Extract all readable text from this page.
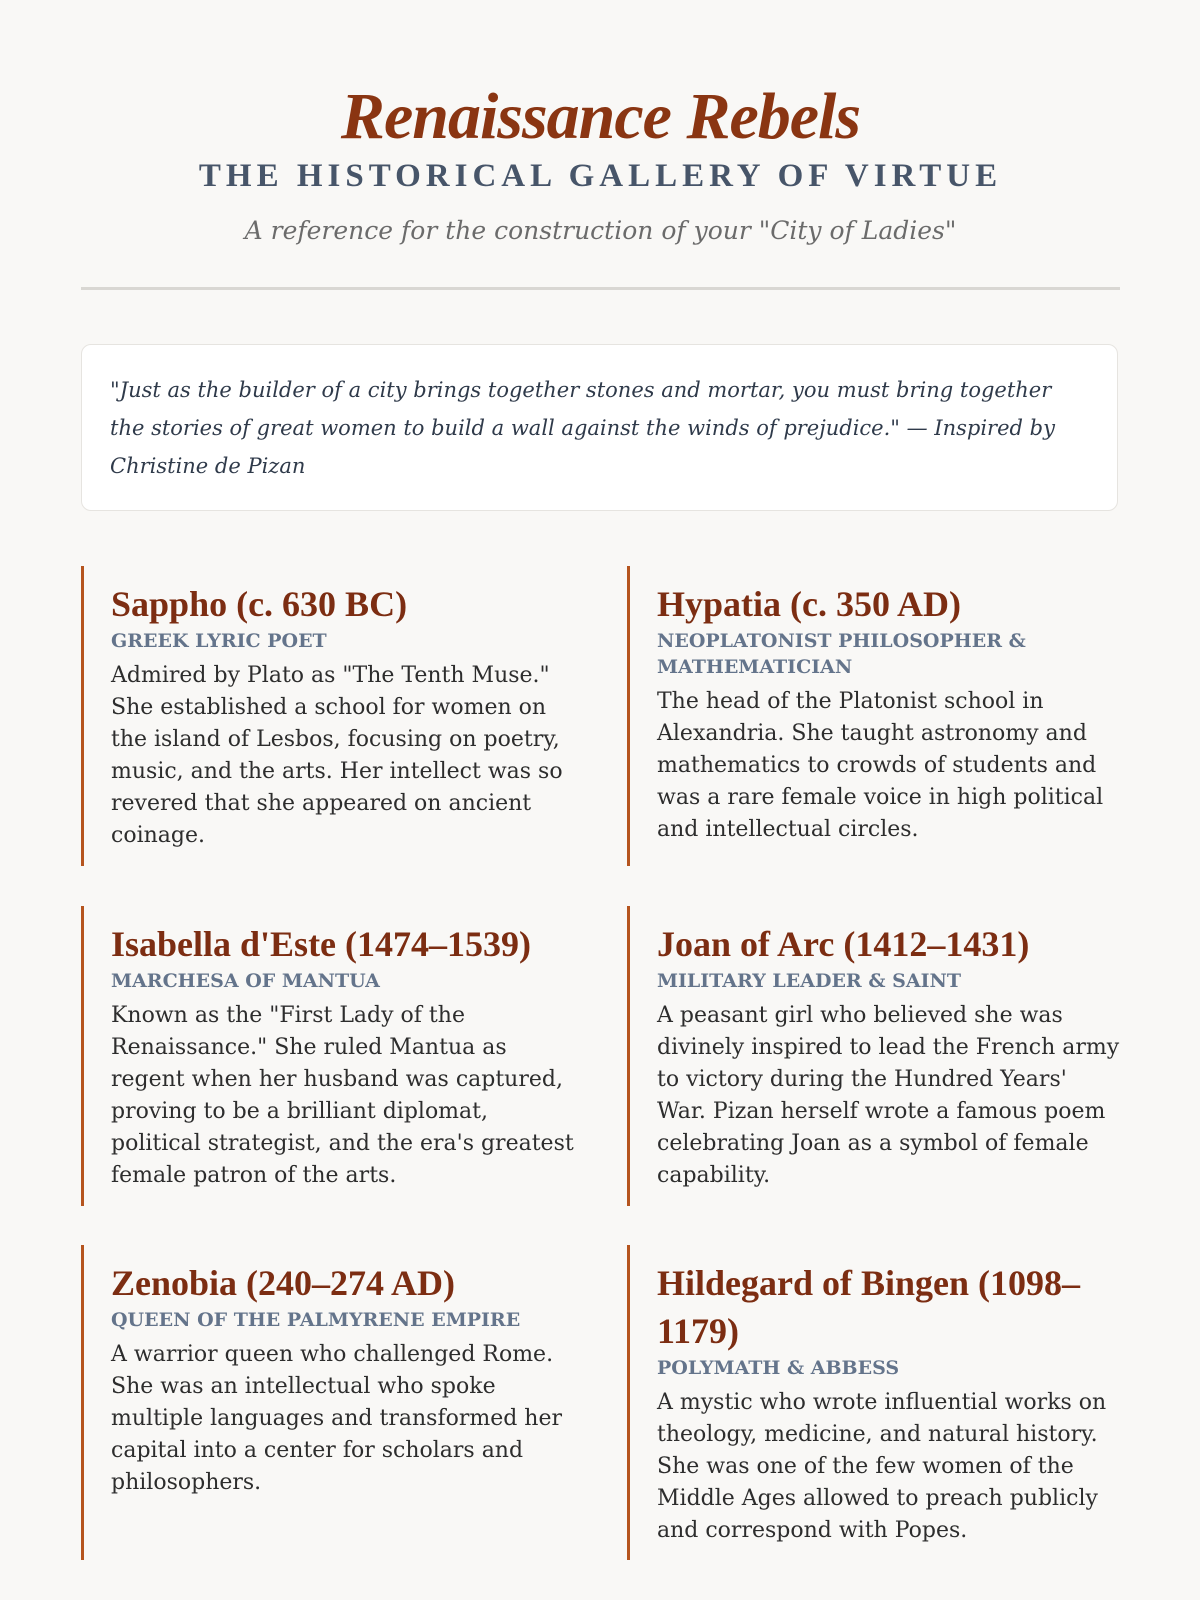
Renaissance Rebels
THE HISTORICAL GALLERY OF VIRTUE

A reference for the construction of your "City of Ladies"

"Just as the builder of a city brings together stones and mortar, you must bring together the stories of great women to build a wall against the winds of prejudice." — Inspired by Christine de Pizan

Sappho (c. 630 BC)
GREEK LYRIC POET

Admired by Plato as "The Tenth Muse." She established a school for women on the island of Lesbos, focusing on poetry, music, and the arts. Her intellect was so revered that she appeared on ancient coinage.

Hypatia (c. 350 AD)
NEOPLATONIST PHILOSOPHER & MATHEMATICIAN

The head of the Platonist school in Alexandria. She taught astronomy and mathematics to crowds of students and was a rare female voice in high political and intellectual circles.

Isabella d'Este (1474–1539)
MARCHESA OF MANTUA

Known as the "First Lady of the Renaissance." She ruled Mantua as regent when her husband was captured, proving to be a brilliant diplomat, political strategist, and the era's greatest female patron of the arts.

Joan of Arc (1412–1431)
MILITARY LEADER & SAINT

A peasant girl who believed she was divinely inspired to lead the French army to victory during the Hundred Years' War. Pizan herself wrote a famous poem celebrating Joan as a symbol of female capability.

Zenobia (240–274 AD)
QUEEN OF THE PALMYRENE EMPIRE

A warrior queen who challenged Rome. She was an intellectual who spoke multiple languages and transformed her capital into a center for scholars and philosophers.

Hildegard of Bingen (1098–1179)
POLYMATH & ABBESS

A mystic who wrote influential works on theology, medicine, and natural history. She was one of the few women of the Middle Ages allowed to preach publicly and correspond with Popes.
